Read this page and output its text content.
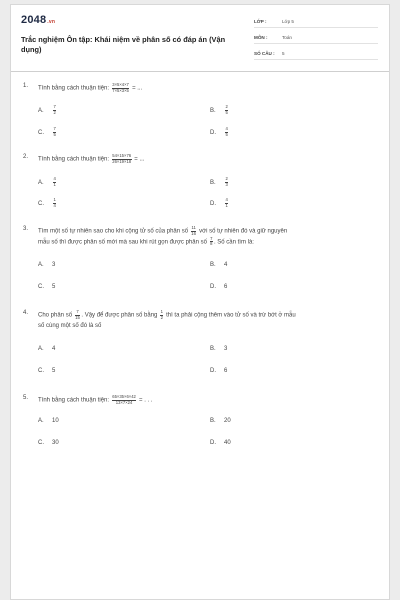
2048.vn
Trắc nghiệm Ôn tập: Khái niệm về phân số có đáp án (Vận dụng)
LỚP :	Lớp 5
MÔN :	Toán
SỐ CÂU : 5
1. Tính bằng cách thuận tiện: $\frac{3\times 5\times 4\times 7}{7\times 5\times 3\times 5}$ = ...
A. $\frac{7}{2}$	B. $\frac{2}{5}$
C. $\frac{7}{5}$	D. $\frac{4}{5}$
2. Tính bằng cách thuận tiện: $\frac{54\times 15\times 76}{26\times 19\times 18}$ = ...
A. $\frac{4}{1}$	B. $\frac{2}{3}$
C. $\frac{1}{4}$	D. $\frac{4}{1}$
3. Tìm một số tự nhiên sao cho khi cộng tử số của phân số $\frac{11}{16}$ với số tự nhiên đó và giữ nguyên
mẫu số thì được phân số mới mà sau khi rút gọn được phân số $\frac{7}{8}$ . Số cần tìm là:
A. 3	B. 4
C. 5	D. 6
4. Cho phân số $\frac{7}{15}$ . Vậy để được phân số bằng $\frac{1}{2}$ thì ta phải cộng thêm vào tử số và trừ bớt ở mẫu
số cùng một số đó là số
A. 4	B. 3
C. 5	D. 6
5. Tính bằng cách thuận tiện: $\frac{65\times 35\times 6\times 42}{13\times 7\times 24}$ = . . .
A. 10	B. 20
C. 30	D. 40
